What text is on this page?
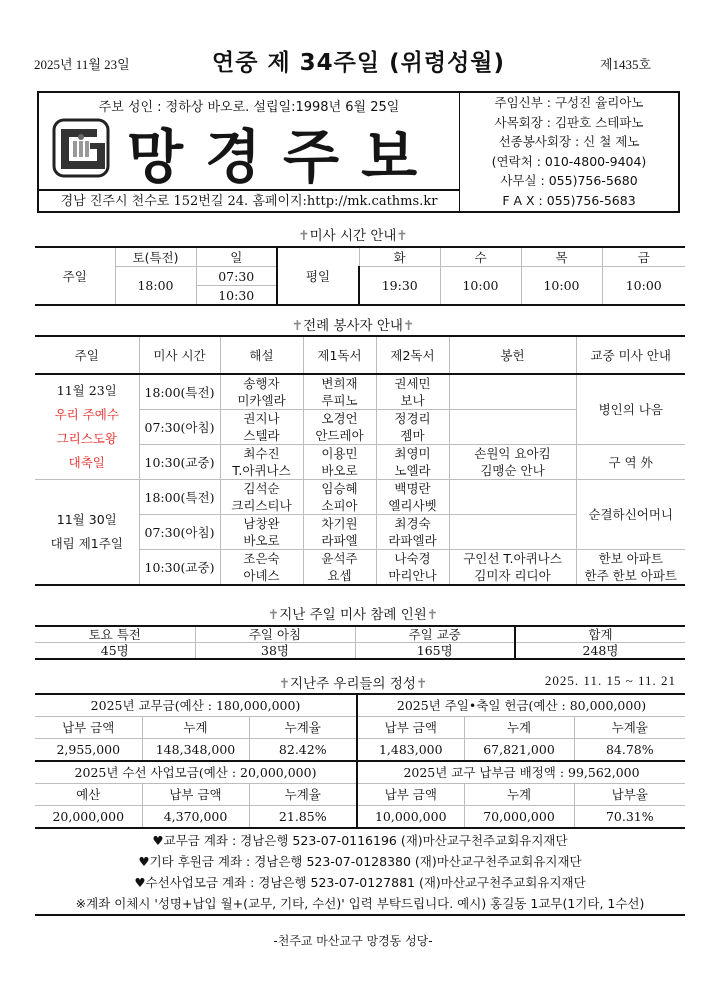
2025년 11월 23일	연중 제 34주일 (위령성월)	제1435호
주보 성인 : 정하상 바오로. 설립일:1998년 6월 25일
망경주보
경남 진주시 천수로 152번길 24. 홈페이지:http://mk.cathms.kr
주임신부 : 구성진 율리아노
사목회장 : 김판호 스테파노
선종봉사회장 : 신 철 제노
(연락처 : 010-4800-9404)
사무실 : 055)756-5680
F A X : 055)756-5683
✝미사 시간 안내✝
주일	토(특전)	일	평일	화	수	목	금
	18:00	07:30		19:30	10:00	10:00	10:00
		10:30					
✝전례 봉사자 안내✝
주일	미사 시간	해설	제1독서	제2독서	봉헌	교중 미사 안내

11월 23일
우리 주예수
그리스도왕
대축일	18:00(특전)	송행자	변희재	권세민		병인의 나음
		미카엘라	루피노	보나		
	07:30(아침)	권지나	오경언	정경리		
		스텔라	안드레아	젬마		
	10:30(교중)	최수진	이용민	최영미	손원익 요아킴	구 역 外
		T.아퀴나스	바오로	노엘라	김맹순 안나	

11월 30일
대림 제1주일	18:00(특전)	김석순	임승혜	백명란		순결하신어머니
		크리스티나	소피아	엘리사벳		
	07:30(아침)	남창완	차기원	최경숙		
		바오로	라파엘	라파엘라		
	10:30(교중)	조은숙	윤석주	나숙경	구인선 T.아퀴나스	한보 아파트
		아녜스	요셉	마리안나	김미자 리디아	한주 한보 아파트
✝지난 주일 미사 참례 인원✝
토요 특전	주일 아침	주일 교중	합계
45명	38명	165명	248명
✝지난주 우리들의 정성✝	2025. 11. 15 ~ 11. 21
2025년 교무금(예산 : 180,000,000)			2025년 주일•축일 헌금(예산 : 80,000,000)		
납부 금액	누계	누계율	납부 금액	누계	누계율
2,955,000	148,348,000	82.42%	1,483,000	67,821,000	84.78%
2025년 수선 사업모금(예산 : 20,000,000)			2025년 교구 납부금 배정액 : 99,562,000		
예산	납부 금액	누계율	납부 금액	누계	납부율
20,000,000	4,370,000	21.85%	10,000,000	70,000,000	70.31%
♥교무금 계좌 : 경남은행 523-07-0116196 (재)마산교구천주교회유지재단
♥기타 후원금 계좌 : 경남은행 523-07-0128380 (재)마산교구천주교회유지재단
♥수선사업모금 계좌 : 경남은행 523-07-0127881 (재)마산교구천주교회유지재단
※계좌 이체시 '성명+납입 월+(교무, 기타, 수선)' 입력 부탁드립니다. 예시) 홍길동 1교무(1기타, 1수선)
-천주교 마산교구 망경동 성당-
